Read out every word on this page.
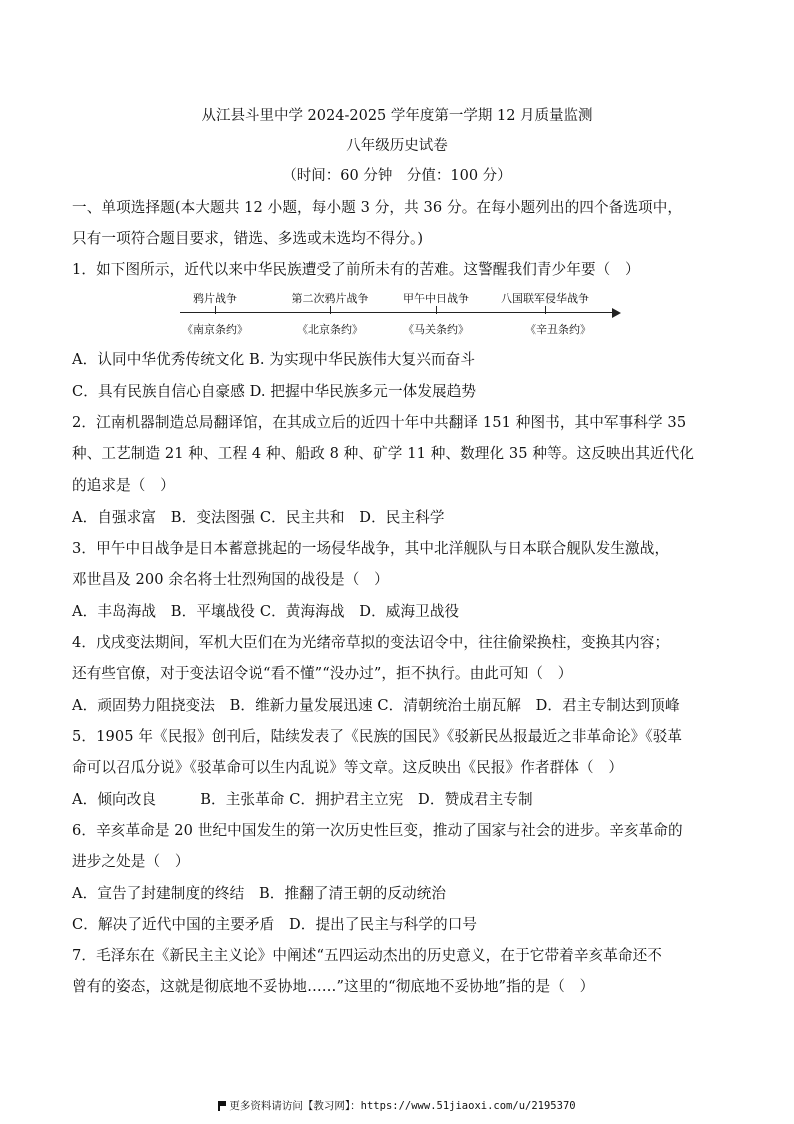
从江县斗里中学 2024-2025 学年度第一学期 12 月质量监测
八年级历史试卷
（时间：60 分钟　分值：100 分）
一、单项选择题(本大题共 12 小题，每小题 3 分，共 36 分。在每小题列出的四个备选项中，
只有一项符合题目要求，错选、多选或未选均不得分。)
1．如下图所示，近代以来中华民族遭受了前所未有的苦难。这警醒我们青少年要（　）
鸦片战争	第二次鸦片战争	甲午中日战争	八国联军侵华战争
《南京条约》	《北京条约》	《马关条约》	《辛丑条约》
A．认同中华优秀传统文化 B. 为实现中华民族伟大复兴而奋斗
C．具有民族自信心自豪感 D. 把握中华民族多元一体发展趋势
2．江南机器制造总局翻译馆，在其成立后的近四十年中共翻译 151 种图书，其中军事科学 35
种、工艺制造 21 种、工程 4 种、船政 8 种、矿学 11 种、数理化 35 种等。这反映出其近代化
的追求是（　）
A．自强求富　B．变法图强 C．民主共和　D．民主科学
3．甲午中日战争是日本蓄意挑起的一场侵华战争，其中北洋舰队与日本联合舰队发生激战，
邓世昌及 200 余名将士壮烈殉国的战役是（　）
A．丰岛海战　B．平壤战役 C．黄海海战　D．威海卫战役
4．戊戌变法期间，军机大臣们在为光绪帝草拟的变法诏令中，往往偷梁换柱，变换其内容；
还有些官僚，对于变法诏令说“看不懂”“没办过”，拒不执行。由此可知（　）
A．顽固势力阻挠变法　B．维新力量发展迅速 C．清朝统治土崩瓦解　D．君主专制达到顶峰
5．1905 年《民报》创刊后，陆续发表了《民族的国民》《驳新民丛报最近之非革命论》《驳革
命可以召瓜分说》《驳革命可以生内乱说》等文章。这反映出《民报》作者群体（　）
A．倾向改良　　　B．主张革命 C．拥护君主立宪　D．赞成君主专制
6．辛亥革命是 20 世纪中国发生的第一次历史性巨变，推动了国家与社会的进步。辛亥革命的
进步之处是（　）
A．宣告了封建制度的终结　B．推翻了清王朝的反动统治
C．解决了近代中国的主要矛盾　D．提出了民主与科学的口号
7．毛泽东在《新民主主义论》中阐述“五四运动杰出的历史意义，在于它带着辛亥革命还不
曾有的姿态，这就是彻底地不妥协地……”这里的“彻底地不妥协地”指的是（　）
更多资料请访问【教习网】：https://www.51jiaoxi.com/u/2195370
